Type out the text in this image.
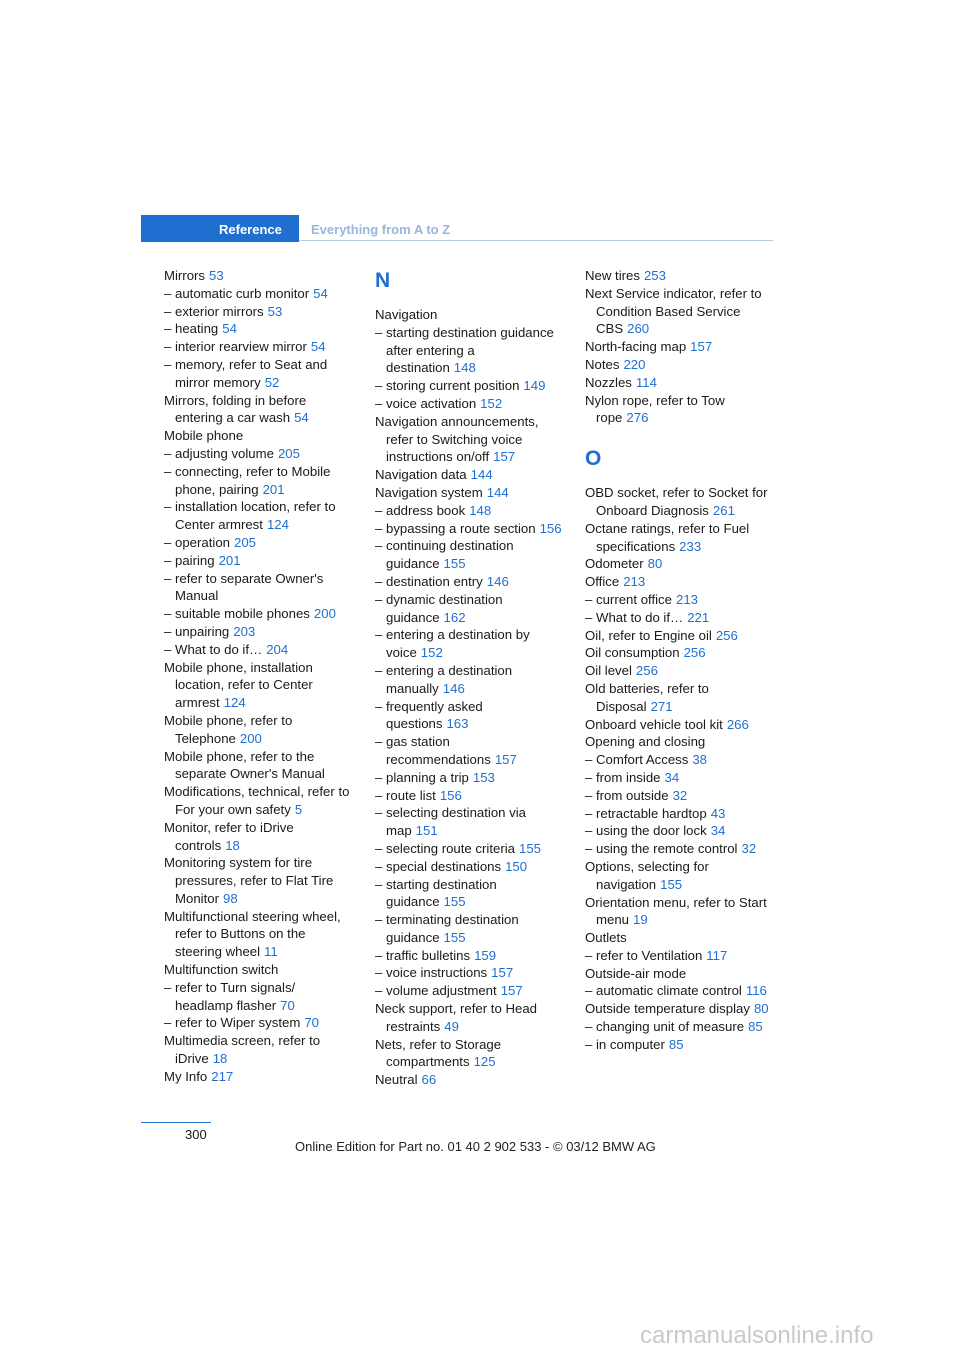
Reference Everything from A to Z
Mirrors 53
– automatic curb monitor 54
– exterior mirrors 53
– heating 54
– interior rearview mirror 54
– memory, refer to Seat and mirror memory 52
Mirrors, folding in before entering a car wash 54
Mobile phone
– adjusting volume 205
– connecting, refer to Mobile phone, pairing 201
– installation location, refer to Center armrest 124
– operation 205
– pairing 201
– refer to separate Owner's Manual
– suitable mobile phones 200
– unpairing 203
– What to do if… 204
Mobile phone, installation location, refer to Center armrest 124
Mobile phone, refer to Telephone 200
Mobile phone, refer to the separate Owner's Manual
Modifications, technical, refer to For your own safety 5
Monitor, refer to iDrive controls 18
Monitoring system for tire pressures, refer to Flat Tire Monitor 98
Multifunctional steering wheel, refer to Buttons on the steering wheel 11
Multifunction switch
– refer to Turn signals/ headlamp flasher 70
– refer to Wiper system 70
Multimedia screen, refer to iDrive 18
My Info 217
N
Navigation
– starting destination guidance after entering a destination 148
– storing current position 149
– voice activation 152
Navigation announcements, refer to Switching voice instructions on/off 157
Navigation data 144
Navigation system 144
– address book 148
– bypassing a route section 156
– continuing destination guidance 155
– destination entry 146
– dynamic destination guidance 162
– entering a destination by voice 152
– entering a destination manually 146
– frequently asked questions 163
– gas station recommendations 157
– planning a trip 153
– route list 156
– selecting destination via map 151
– selecting route criteria 155
– special destinations 150
– starting destination guidance 155
– terminating destination guidance 155
– traffic bulletins 159
– voice instructions 157
– volume adjustment 157
Neck support, refer to Head restraints 49
Nets, refer to Storage compartments 125
Neutral 66
New tires 253
Next Service indicator, refer to Condition Based Service CBS 260
North-facing map 157
Notes 220
Nozzles 114
Nylon rope, refer to Tow rope 276
O
OBD socket, refer to Socket for Onboard Diagnosis 261
Octane ratings, refer to Fuel specifications 233
Odometer 80
Office 213
– current office 213
– What to do if… 221
Oil, refer to Engine oil 256
Oil consumption 256
Oil level 256
Old batteries, refer to Disposal 271
Onboard vehicle tool kit 266
Opening and closing
– Comfort Access 38
– from inside 34
– from outside 32
– retractable hardtop 43
– using the door lock 34
– using the remote control 32
Options, selecting for navigation 155
Orientation menu, refer to Start menu 19
Outlets
– refer to Ventilation 117
Outside-air mode
– automatic climate control 116
Outside temperature display 80
– changing unit of measure 85
– in computer 85
300
Online Edition for Part no. 01 40 2 902 533 - © 03/12 BMW AG
carmanualsonline.info
